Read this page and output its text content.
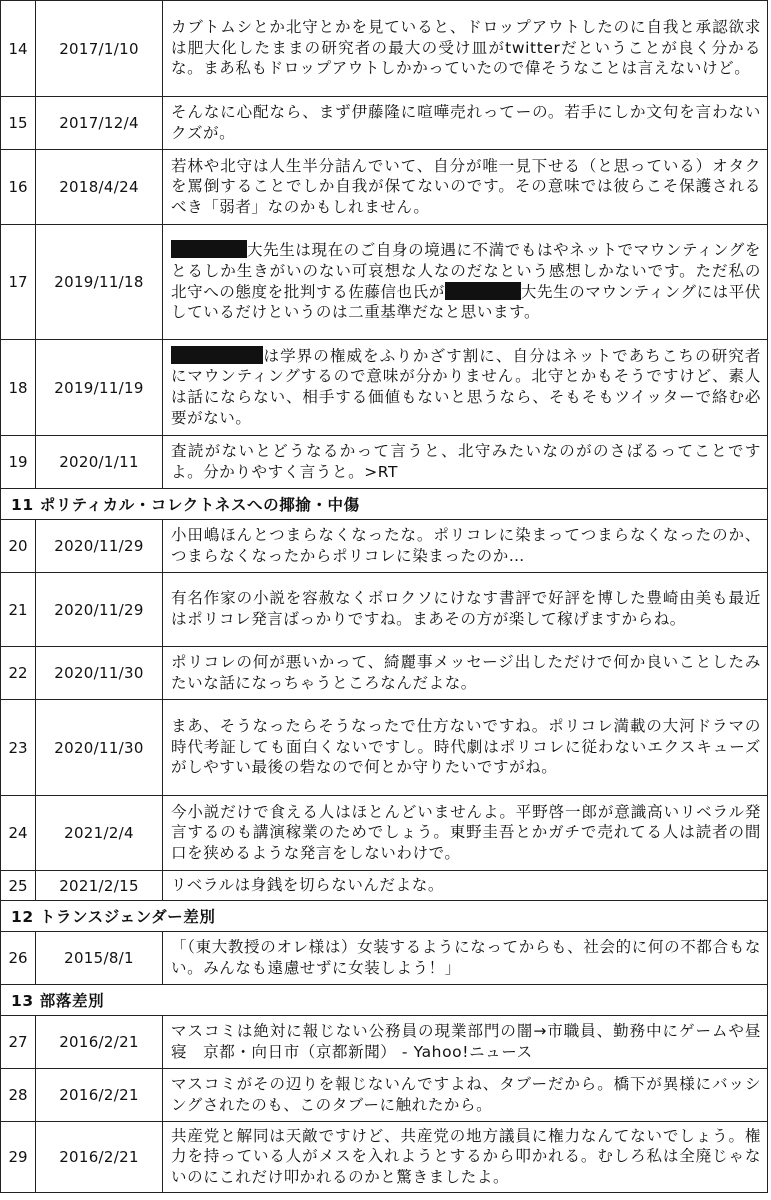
14	2017/1/10	カブトムシとか北守とかを見ていると、ドロップアウトしたのに自我と承認欲求は肥大化したままの研究者の最大の受け皿がtwitterだということが良く分かるな。まあ私もドロップアウトしかかっていたので偉そうなことは言えないけど。
15	2017/12/4	そんなに心配なら、まず伊藤隆に喧嘩売れってーの。若手にしか文句を言わないクズが。
16	2018/4/24	若林や北守は人生半分詰んでいて、自分が唯一見下せる（と思っている）オタクを罵倒することでしか自我が保てないのです。その意味では彼らこそ保護されるべき「弱者」なのかもしれません。
17	2019/11/18	大先生は現在のご自身の境遇に不満でもはやネットでマウンティングをとるしか生きがいのない可哀想な人なのだなという感想しかないです。ただ私の北守への態度を批判する佐藤信也氏が 大先生のマウンティングには平伏しているだけというのは二重基準だなと思います。
18	2019/11/19	は学界の権威をふりかざす割に、自分はネットであちこちの研究者にマウンティングするので意味が分かりません。北守とかもそうですけど、素人は話にならない、相手する価値もないと思うなら、そもそもツイッターで絡む必要がない。
19	2020/1/11	査読がないとどうなるかって言うと、北守みたいなのがのさばるってことですよ。分かりやすく言うと。>RT
11 ポリティカル・コレクトネスへの揶揄・中傷		
20	2020/11/29	小田嶋ほんとつまらなくなったな。ポリコレに染まってつまらなくなったのか、つまらなくなったからポリコレに染まったのか…
21	2020/11/29	有名作家の小説を容赦なくボロクソにけなす書評で好評を博した豊崎由美も最近はポリコレ発言ばっかりですね。まあその方が楽して稼げますからね。
22	2020/11/30	ポリコレの何が悪いかって、綺麗事メッセージ出しただけで何か良いことしたみたいな話になっちゃうところなんだよな。
23	2020/11/30	まあ、そうなったらそうなったで仕方ないですね。ポリコレ満載の大河ドラマの時代考証しても面白くないですし。時代劇はポリコレに従わないエクスキューズがしやすい最後の砦なので何とか守りたいですがね。
24	2021/2/4	今小説だけで食える人はほとんどいませんよ。平野啓一郎が意識高いリベラル発言するのも講演稼業のためでしょう。東野圭吾とかガチで売れてる人は読者の間口を狭めるような発言をしないわけで。
25	2021/2/15	リベラルは身銭を切らないんだよな。
12 トランスジェンダー差別		
26	2015/8/1	「（東大教授のオレ様は）女装するようになってからも、社会的に何の不都合もない。みんなも遠慮せずに女装しよう！」
13 部落差別		
27	2016/2/21	マスコミは絶対に報じない公務員の現業部門の闇→市職員、勤務中にゲームや昼寝　京都・向日市（京都新聞） - Yahoo!ニュース
28	2016/2/21	マスコミがその辺りを報じないんですよね、タブーだから。橋下が異様にバッシングされたのも、このタブーに触れたから。
29	2016/2/21	共産党と解同は天敵ですけど、共産党の地方議員に権力なんてないでしょう。権力を持っている人がメスを入れようとするから叩かれる。むしろ私は全廃じゃないのにこれだけ叩かれるのかと驚きましたよ。
